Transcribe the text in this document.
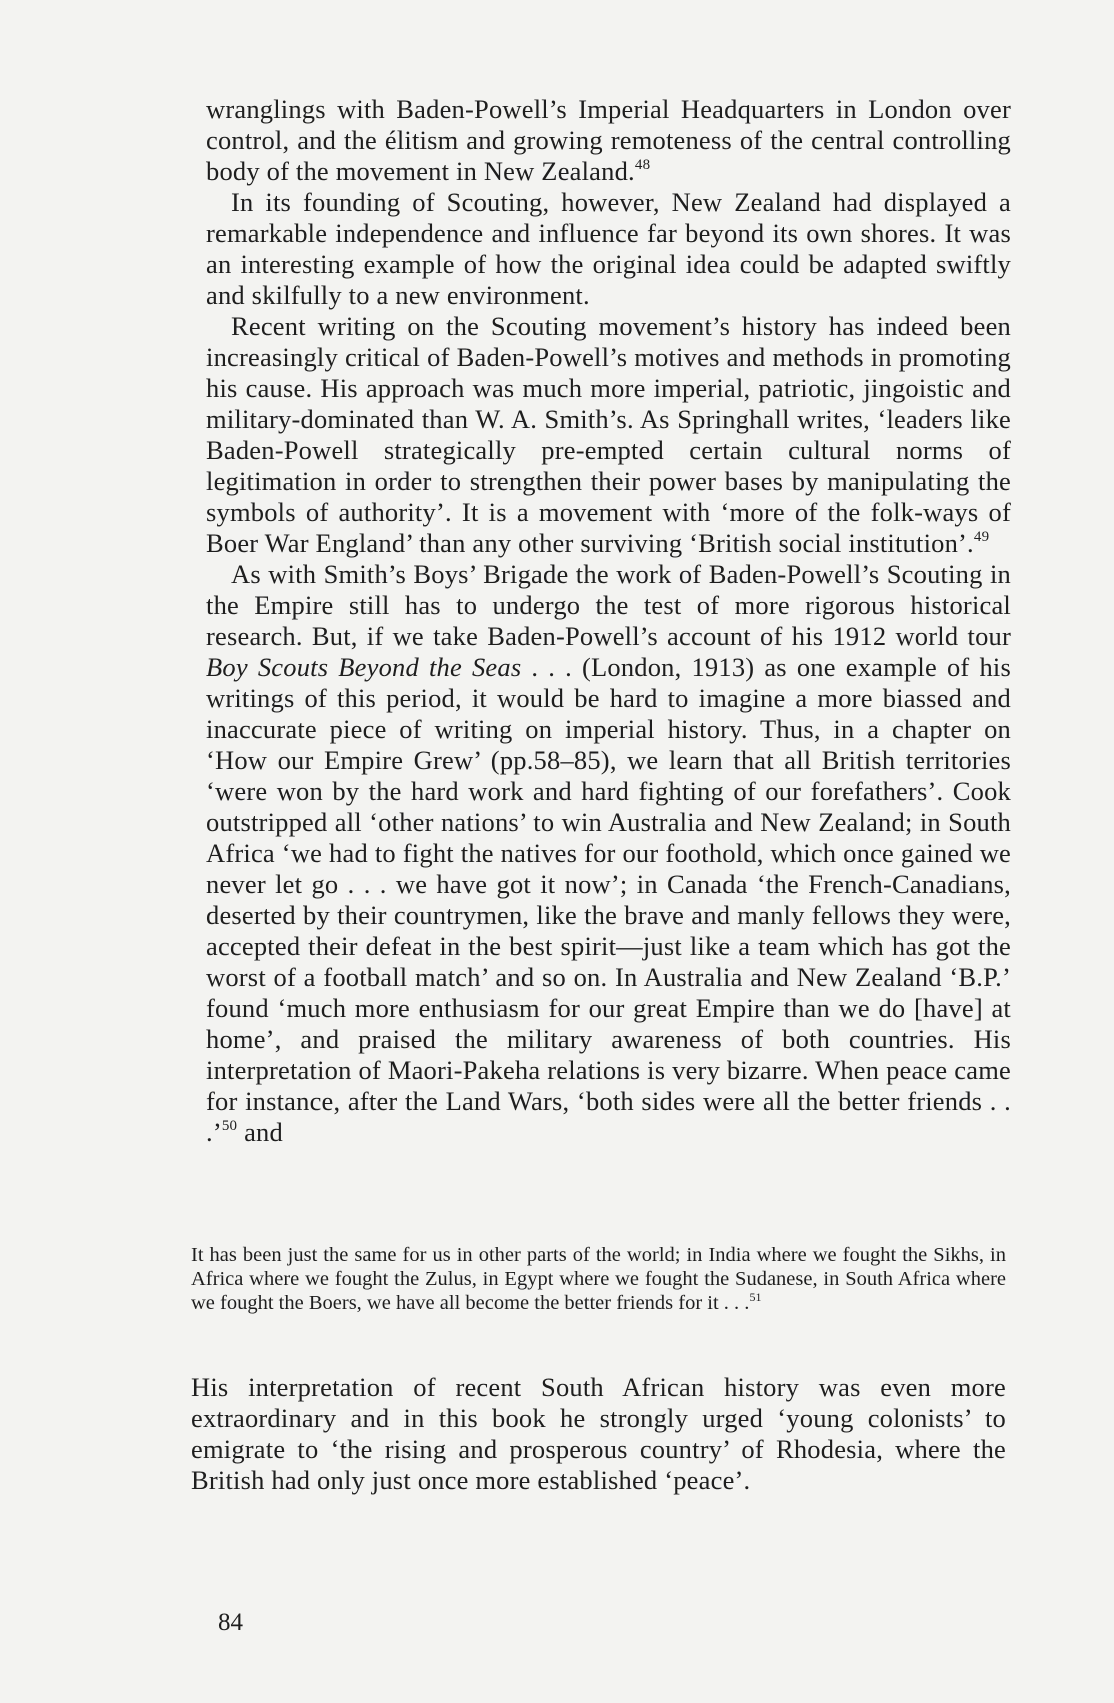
wranglings with Baden-Powell’s Imperial Headquarters in London over control, and the élitism and growing remoteness of the central controlling body of the movement in New Zealand.$^{48}$

In its founding of Scouting, however, New Zealand had displayed a remarkable independence and influence far beyond its own shores. It was an interesting example of how the original idea could be adapted swiftly and skilfully to a new environment.

Recent writing on the Scouting movement’s history has indeed been increasingly critical of Baden-Powell’s motives and methods in promoting his cause. His approach was much more imperial, patriotic, jingoistic and military-dominated than W. A. Smith’s. As Springhall writes, ‘leaders like Baden-Powell strategically pre-empted certain cultural norms of legitimation in order to strengthen their power bases by manipulating the symbols of authority’. It is a movement with ‘more of the folk-ways of Boer War England’ than any other surviving ‘British social institution’.$^{49}$

As with Smith’s Boys’ Brigade the work of Baden-Powell’s Scouting in the Empire still has to undergo the test of more rigorous historical research. But, if we take Baden-Powell’s account of his 1912 world tour Boy Scouts Beyond the Seas . . . (London, 1913) as one example of his writings of this period, it would be hard to imagine a more biassed and inaccurate piece of writing on imperial history. Thus, in a chapter on ‘How our Empire Grew’ (pp.58–85), we learn that all British territories ‘were won by the hard work and hard fighting of our forefathers’. Cook outstripped all ‘other nations’ to win Australia and New Zealand; in South Africa ‘we had to fight the natives for our foothold, which once gained we never let go . . . we have got it now’; in Canada ‘the French-Canadians, deserted by their countrymen, like the brave and manly fellows they were, accepted their defeat in the best spirit—just like a team which has got the worst of a football match’ and so on. In Australia and New Zealand ‘B.P.’ found ‘much more enthusiasm for our great Empire than we do [have] at home’, and praised the military awareness of both countries. His interpretation of Maori-Pakeha relations is very bizarre. When peace came for instance, after the Land Wars, ‘both sides were all the better friends . . .’$^{50}$ and

It has been just the same for us in other parts of the world; in India where we fought the Sikhs, in Africa where we fought the Zulus, in Egypt where we fought the Sudanese, in South Africa where we fought the Boers, we have all become the better friends for it . . .$^{51}$

His interpretation of recent South African history was even more extraordinary and in this book he strongly urged ‘young colonists’ to emigrate to ‘the rising and prosperous country’ of Rhodesia, where the British had only just once more established ‘peace’.

84
